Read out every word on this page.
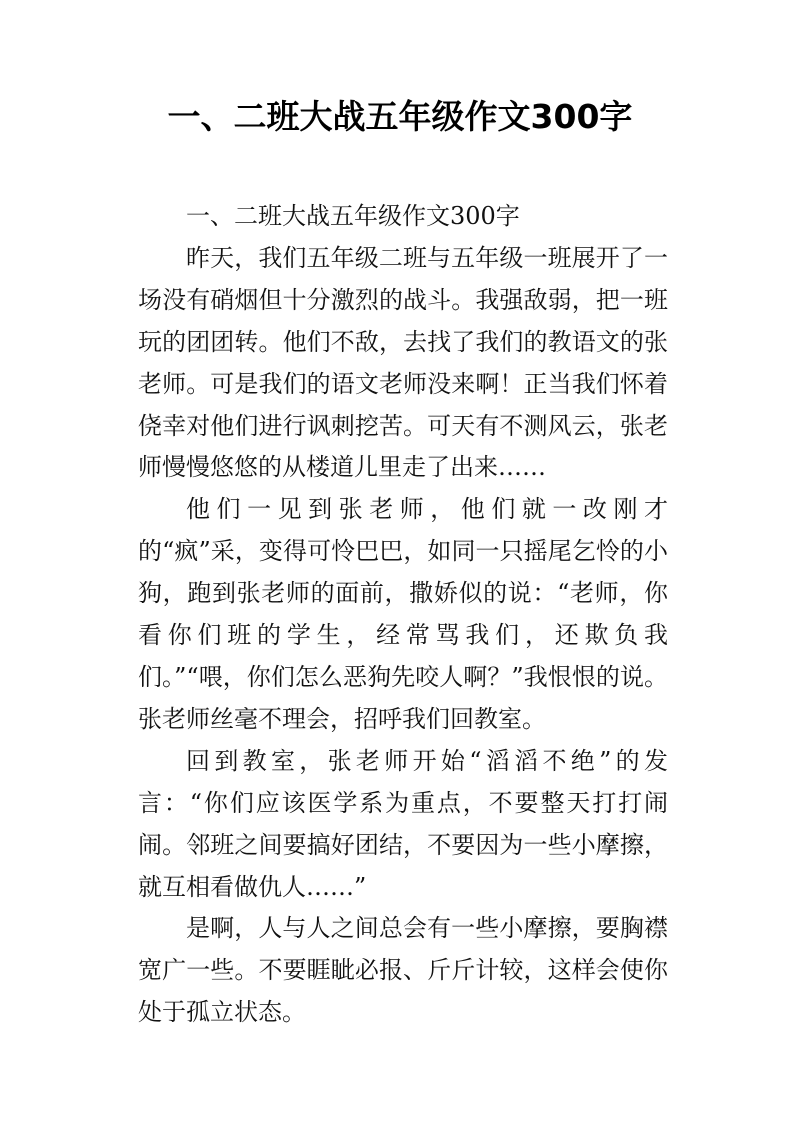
一、二班大战五年级作文300字

一、二班大战五年级作文300字

昨天，我们五年级二班与五年级一班展开了一场没有硝烟但十分激烈的战斗。我强敌弱，把一班玩的团团转。他们不敌，去找了我们的教语文的张老师。可是我们的语文老师没来啊！正当我们怀着侥幸对他们进行讽刺挖苦。可天有不测风云，张老师慢慢悠悠的从楼道儿里走了出来……

他们一见到张老师，他们就一改刚才的“疯”采，变得可怜巴巴，如同一只摇尾乞怜的小狗，跑到张老师的面前，撒娇似的说：“老师，你看你们班的学生，经常骂我们，还欺负我们。”“喂，你们怎么恶狗先咬人啊？”我恨恨的说。张老师丝毫不理会，招呼我们回教室。

回到教室，张老师开始“滔滔不绝”的发言：“你们应该医学系为重点，不要整天打打闹闹。邻班之间要搞好团结，不要因为一些小摩擦，就互相看做仇人……”

是啊，人与人之间总会有一些小摩擦，要胸襟宽广一些。不要睚眦必报、斤斤计较，这样会使你处于孤立状态。
